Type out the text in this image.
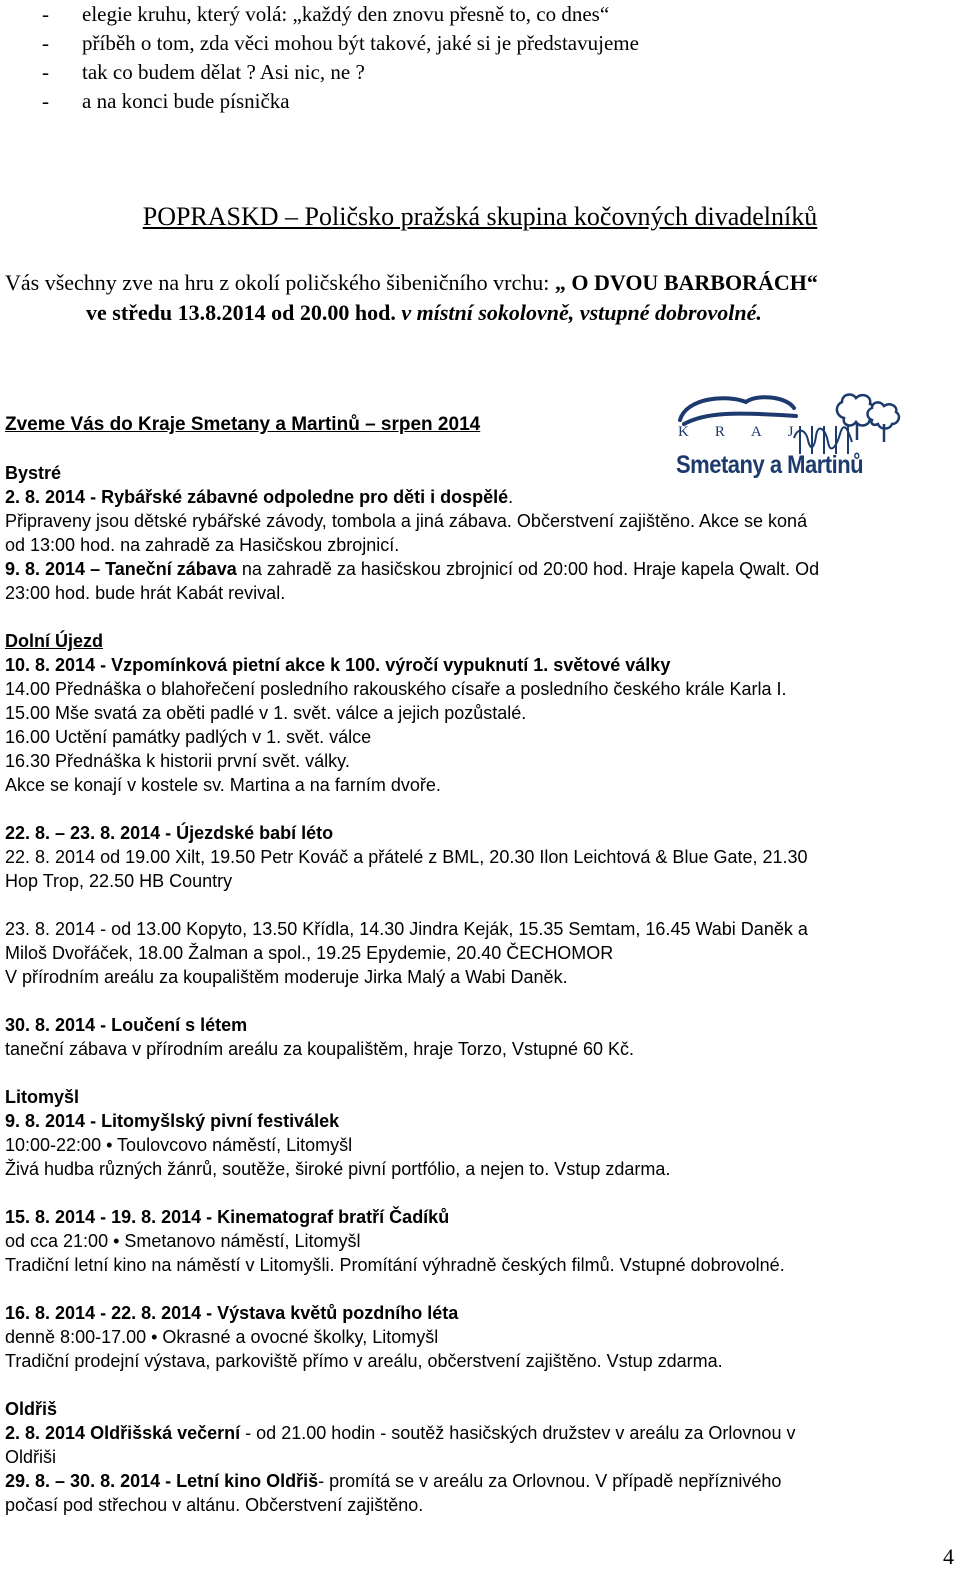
-	elegie kruhu, který volá: „každý den znovu přesně to, co dnes“
-	příběh o tom, zda věci mohou být takové, jaké si je představujeme
-	tak co budem dělat ? Asi nic, ne ?
-	a na konci bude písnička
POPRASKD – Poličsko pražská skupina kočovných divadelníků
Vás všechny zve na hru z okolí poličského šibeničního vrchu: „ O DVOU BARBORÁCH“
ve středu 13.8.2014 od 20.00 hod. v místní sokolovně, vstupné dobrovolné.
Zveme Vás do Kraje Smetany a Martinů – srpen 2014	KRAJ
Smetany a Martinů

Bystré

2. 8. 2014 - Rybářské zábavné odpoledne pro děti i dospělé.

Připraveny jsou dětské rybářské závody, tombola a jiná zábava. Občerstvení zajištěno. Akce se koná

od 13:00 hod. na zahradě za Hasičskou zbrojnicí.

9. 8. 2014 – Taneční zábava na zahradě za hasičskou zbrojnicí od 20:00 hod. Hraje kapela Qwalt. Od

23:00 hod. bude hrát Kabát revival.

Dolní Újezd

10. 8. 2014 - Vzpomínková pietní akce k 100. výročí vypuknutí 1. světové války

14.00 Přednáška o blahořečení posledního rakouského císaře a posledního českého krále Karla I.

15.00 Mše svatá za oběti padlé v 1. svět. válce a jejich pozůstalé.

16.00 Uctění památky padlých v 1. svět. válce

16.30 Přednáška k historii první svět. války.

Akce se konají v kostele sv. Martina a na farním dvoře.

22. 8. – 23. 8. 2014 - Újezdské babí léto

22. 8. 2014 od 19.00 Xilt, 19.50 Petr Kováč a přátelé z BML, 20.30 Ilon Leichtová & Blue Gate, 21.30

Hop Trop, 22.50 HB Country

23. 8. 2014 - od 13.00 Kopyto, 13.50 Křídla, 14.30 Jindra Keják, 15.35 Semtam, 16.45 Wabi Daněk a

Miloš Dvořáček, 18.00 Žalman a spol., 19.25 Epydemie, 20.40 ČECHOMOR

V přírodním areálu za koupalištěm moderuje Jirka Malý a Wabi Daněk.

30. 8. 2014 - Loučení s létem

taneční zábava v přírodním areálu za koupalištěm, hraje Torzo, Vstupné 60 Kč.

Litomyšl

9. 8. 2014 - Litomyšlský pivní festiválek

10:00-22:00 • Toulovcovo náměstí, Litomyšl

Živá hudba různých žánrů, soutěže, široké pivní portfólio, a nejen to. Vstup zdarma.

15. 8. 2014 - 19. 8. 2014 - Kinematograf bratří Čadíků

od cca 21:00 • Smetanovo náměstí, Litomyšl

Tradiční letní kino na náměstí v Litomyšli. Promítání výhradně českých filmů. Vstupné dobrovolné.

16. 8. 2014 - 22. 8. 2014 - Výstava květů pozdního léta

denně 8:00-17.00 • Okrasné a ovocné školky, Litomyšl

Tradiční prodejní výstava, parkoviště přímo v areálu, občerstvení zajištěno. Vstup zdarma.

Oldřiš

2. 8. 2014 Oldřišská večerní - od 21.00 hodin - soutěž hasičských družstev v areálu za Orlovnou v

Oldřiši

29. 8. – 30. 8. 2014 - Letní kino Oldřiš- promítá se v areálu za Orlovnou. V případě nepříznivého

počasí pod střechou v altánu. Občerstvení zajištěno.

4
